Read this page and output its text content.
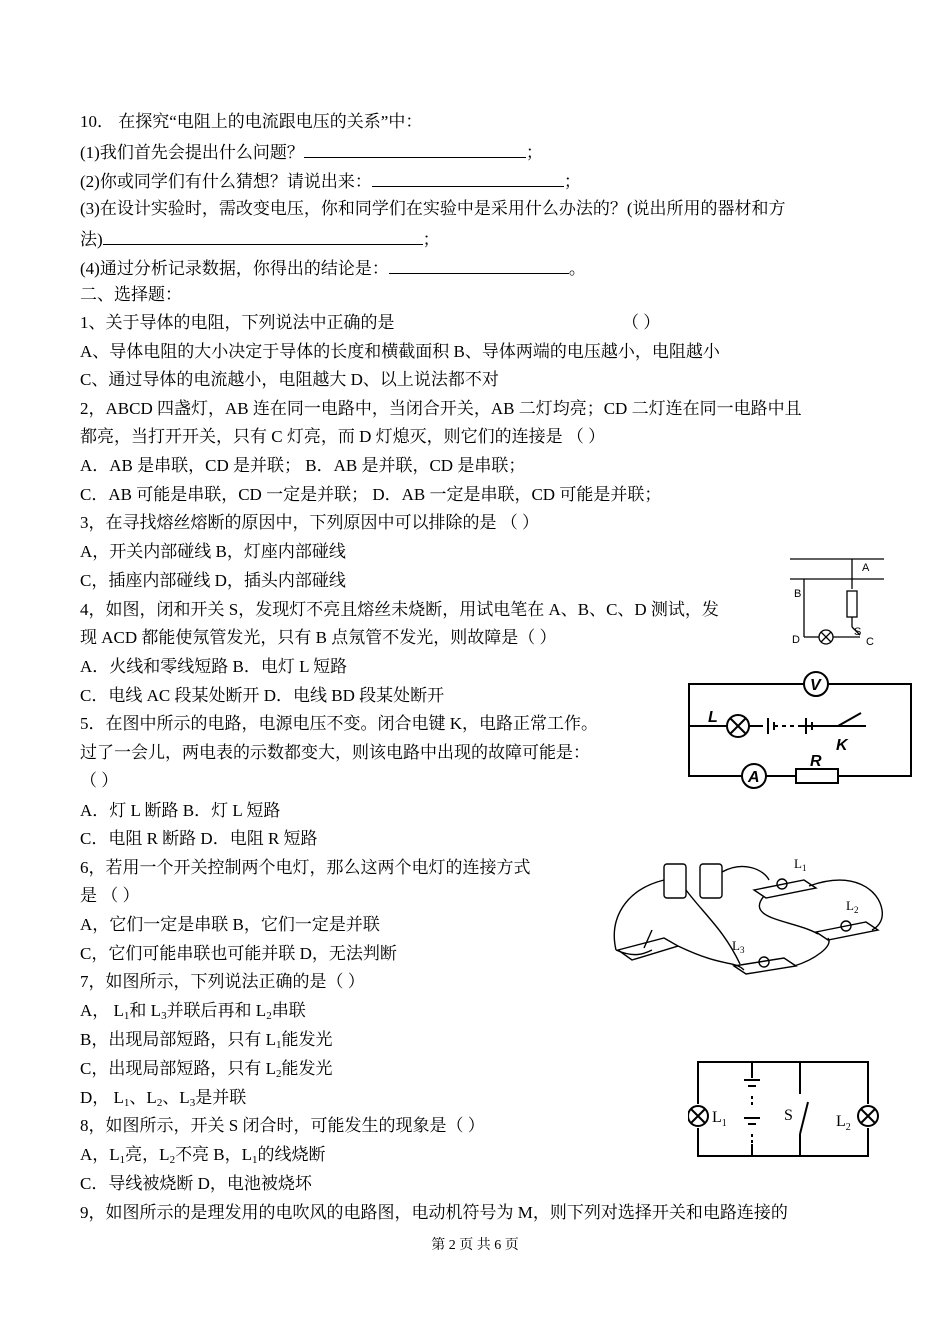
10． 在探究“电阻上的电流跟电压的关系”中：
(1)我们首先会提出什么问题？	；
(2)你或同学们有什么猜想？请说出来：	；
(3)在设计实验时，需改变电压，你和同学们在实验中是采用什么办法的？(说出所用的器材和方
法)	；
(4)通过分析记录数据，你得出的结论是：	。
二、选择题：
1、关于导体的电阻，下列说法中正确的是	（ ）
A、导体电阻的大小决定于导体的长度和横截面积 B、导体两端的电压越小，电阻越小
C、通过导体的电流越小，电阻越大 D、以上说法都不对
2，ABCD 四盏灯，AB 连在同一电路中，当闭合开关，AB 二灯均亮；CD 二灯连在同一电路中且
都亮，当打开开关，只有 C 灯亮，而 D 灯熄灭，则它们的连接是 （ ）
A．AB 是串联，CD 是并联； B．AB 是并联，CD 是串联；
C．AB 可能是串联，CD 一定是并联； D．AB 一定是串联，CD 可能是并联；
3，在寻找熔丝熔断的原因中，下列原因中可以排除的是 （ ）
A，开关内部碰线 B，灯座内部碰线
C，插座内部碰线 D，插头内部碰线
4，如图，闭和开关 S，发现灯不亮且熔丝未烧断，用试电笔在 A、B、C、D 测试，发
现 ACD 都能使氖管发光，只有 B 点氖管不发光，则故障是（ ）
A．火线和零线短路 B．电灯 L 短路
C．电线 AC 段某处断开 D．电线 BD 段某处断开
5．在图中所示的电路，电源电压不变。闭合电键 K，电路正常工作。
过了一会儿，两电表的示数都变大，则该电路中出现的故障可能是：
（ ）
A．灯 L 断路 B．灯 L 短路
C．电阻 R 断路 D．电阻 R 短路
6，若用一个开关控制两个电灯，那么这两个电灯的连接方式
是 （ ）
A，它们一定是串联 B，它们一定是并联
C，它们可能串联也可能并联 D，无法判断
7，如图所示，下列说法正确的是（ ）
A， $L_1$和 $L_3$并联后再和 $L_2$串联
B，出现局部短路，只有 $L_1$能发光
C，出现局部短路，只有 $L_2$能发光
D， $L_1$、$L_2$、$L_3$是并联
8，如图所示，开关 S 闭合时，可能发生的现象是（ ）
A，$L_1$亮，$L_2$不亮 B，$L_1$的线烧断
C．导线被烧断 D，电池被烧坏
9，如图所示的是理发用的电吹风的电路图，电动机符号为 M，则下列对选择开关和电路连接的
A
B
D
S
C
V
A
L
K
R
$L_1$
$L_2$
$L_3$
$L_1$	S	$L_2$
第 2 页 共 6 页
